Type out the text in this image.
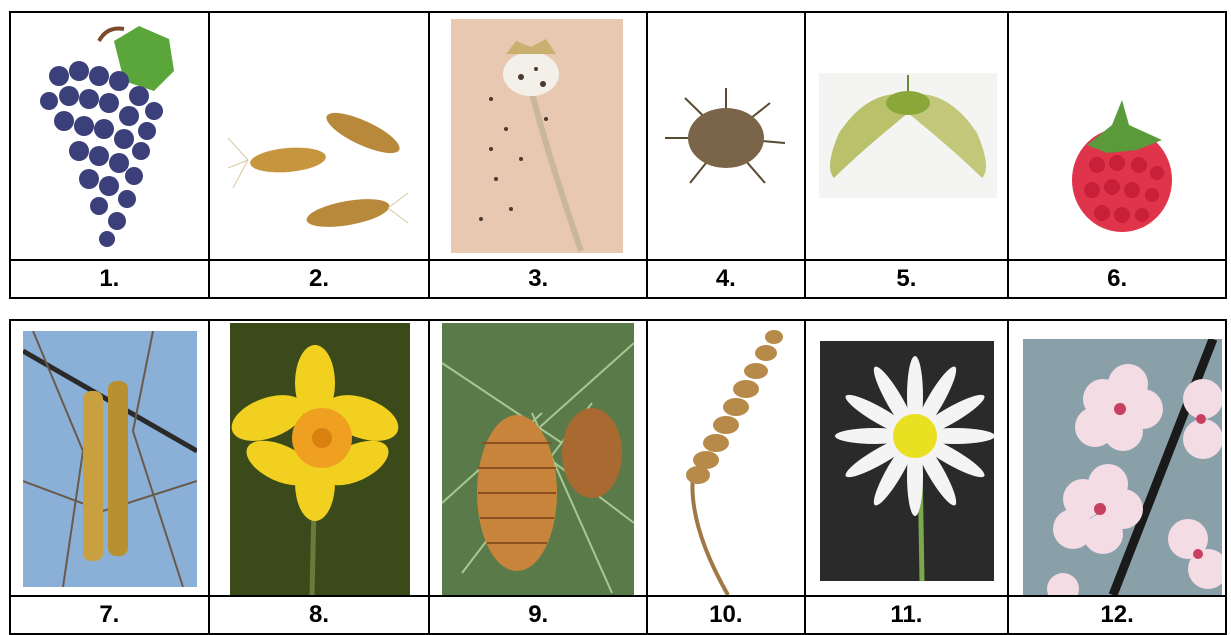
1.	2.	3.	4.	5.	6.

7.	8.	9.	10.	11.	12.
